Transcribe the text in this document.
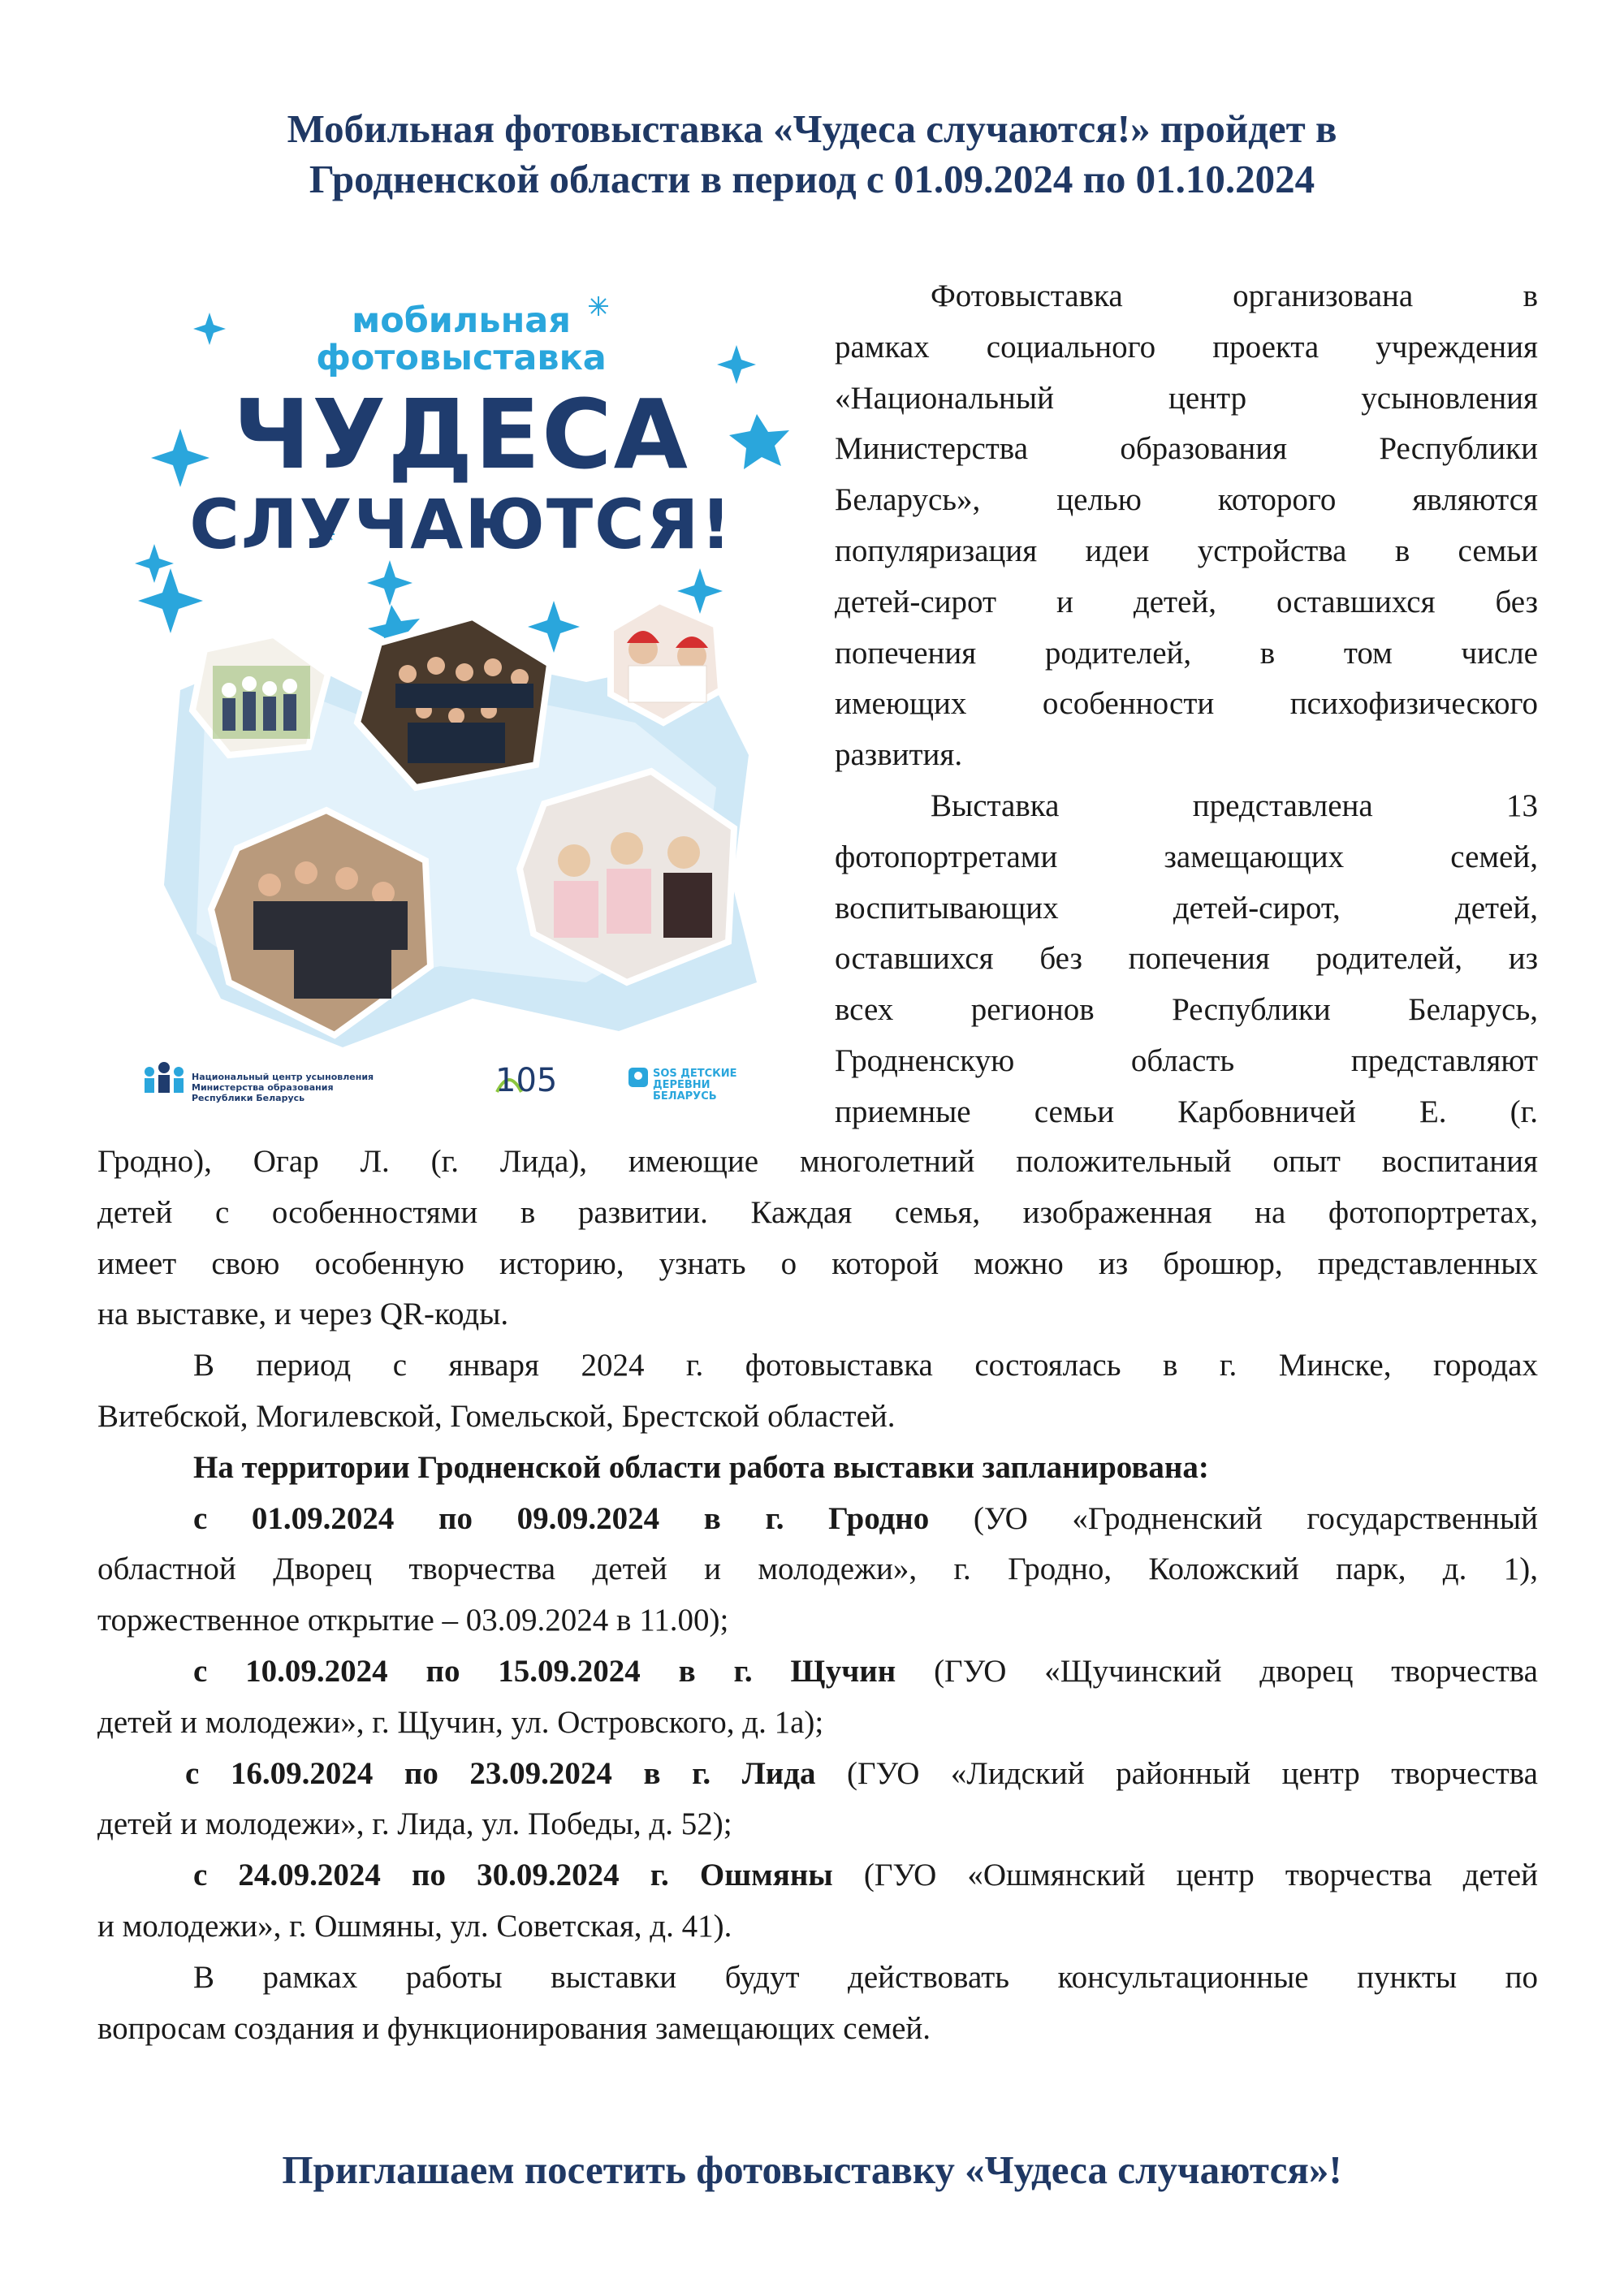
Мобильная фотовыставка «Чудеса случаются!» пройдет в
Гродненской области в период с 01.09.2024 по 01.10.2024
мобильная
фотовыставка
ЧУДЕСА
СЛУЧАЮТСЯ!
Национальный центр усыновления
Министерства образования
Республики Беларусь	105	SOS ДЕТСКИЕ
ДЕРЕВНИ
БЕЛАРУСЬ
Фотовыставка организована в
рамках социального проекта учреждения
«Национальный центр усыновления
Министерства образования Республики
Беларусь», целью которого являются
популяризация идеи устройства в семьи
детей-сирот и детей, оставшихся без
попечения родителей, в том числе
имеющих особенности психофизического
развития.
Выставка представлена 13
фотопортретами замещающих семей,
воспитывающих детей-сирот, детей,
оставшихся без попечения родителей, из
всех регионов Республики Беларусь,
Гродненскую область представляют
приемные семьи Карбовничей Е. (г.
Гродно), Огар Л. (г. Лида), имеющие многолетний положительный опыт воспитания
детей с особенностями в развитии. Каждая семья, изображенная на фотопортретах,
имеет свою особенную историю, узнать о которой можно из брошюр, представленных
на выставке, и через QR-коды.
В период с января 2024 г. фотовыставка состоялась в г. Минске, городах
Витебской, Могилевской, Гомельской, Брестской областей.
На территории Гродненской области работа выставки запланирована:
с 01.09.2024 по 09.09.2024 в г. Гродно (УО «Гродненский государственный
областной Дворец творчества детей и молодежи», г. Гродно, Коложский парк, д. 1),
торжественное открытие – 03.09.2024 в 11.00);
с 10.09.2024 по 15.09.2024 в г. Щучин (ГУО «Щучинский дворец творчества
детей и молодежи», г. Щучин, ул. Островского, д. 1а);
с 16.09.2024 по 23.09.2024 в г. Лида (ГУО «Лидский районный центр творчества
детей и молодежи», г. Лида, ул. Победы, д. 52);
с 24.09.2024 по 30.09.2024 г. Ошмяны (ГУО «Ошмянский центр творчества детей
и молодежи», г. Ошмяны, ул. Советская, д. 41).
В рамках работы выставки будут действовать консультационные пункты по
вопросам создания и функционирования замещающих семей.
Приглашаем посетить фотовыставку «Чудеса случаются»!
